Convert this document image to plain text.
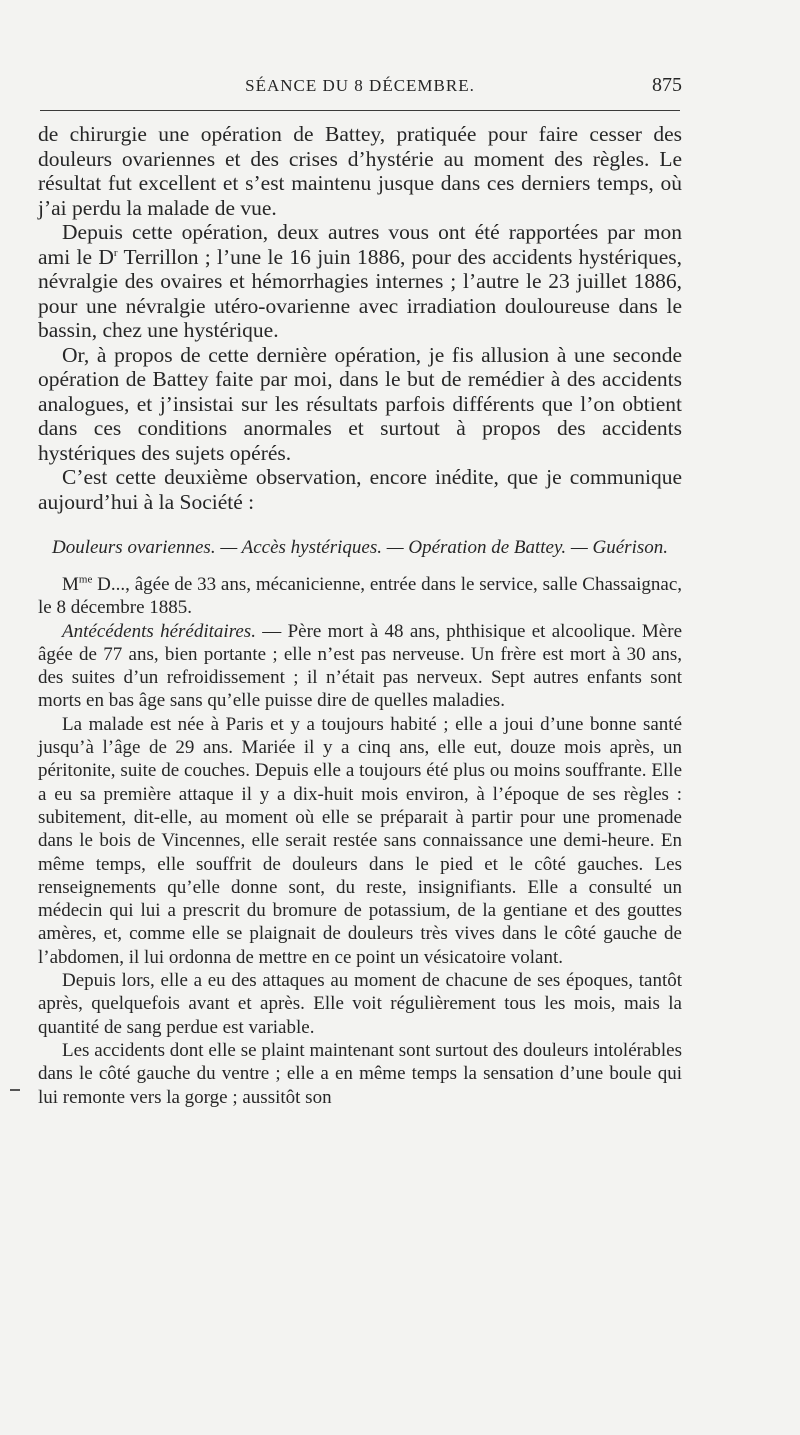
SÉANCE DU 8 DÉCEMBRE.	875

de chirurgie une opération de Battey, pratiquée pour faire cesser des douleurs ovariennes et des crises d’hystérie au moment des règles. Le résultat fut excellent et s’est maintenu jusque dans ces derniers temps, où j’ai perdu la malade de vue.

Depuis cette opération, deux autres vous ont été rapportées par mon ami le $D^r$ Terrillon ; l’une le 16 juin 1886, pour des accidents hystériques, névralgie des ovaires et hémorrhagies internes ; l’autre le 23 juillet 1886, pour une névralgie utéro-ovarienne avec irradiation douloureuse dans le bassin, chez une hystérique.

Or, à propos de cette dernière opération, je fis allusion à une seconde opération de Battey faite par moi, dans le but de remédier à des accidents analogues, et j’insistai sur les résultats parfois différents que l’on obtient dans ces conditions anormales et surtout à propos des accidents hystériques des sujets opérés.

C’est cette deuxième observation, encore inédite, que je communique aujourd’hui à la Société :

Douleurs ovariennes. — Accès hystériques. — Opération de Battey. — Guérison.

$M^{me}$ D..., âgée de 33 ans, mécanicienne, entrée dans le service, salle Chassaignac, le 8 décembre 1885.

Antécédents héréditaires. — Père mort à 48 ans, phthisique et alcoolique. Mère âgée de 77 ans, bien portante ; elle n’est pas nerveuse. Un frère est mort à 30 ans, des suites d’un refroidissement ; il n’était pas nerveux. Sept autres enfants sont morts en bas âge sans qu’elle puisse dire de quelles maladies.

La malade est née à Paris et y a toujours habité ; elle a joui d’une bonne santé jusqu’à l’âge de 29 ans. Mariée il y a cinq ans, elle eut, douze mois après, un péritonite, suite de couches. Depuis elle a toujours été plus ou moins souffrante. Elle a eu sa première attaque il y a dix-huit mois environ, à l’époque de ses règles : subitement, dit-elle, au moment où elle se préparait à partir pour une promenade dans le bois de Vincennes, elle serait restée sans connaissance une demi-heure. En même temps, elle souffrit de douleurs dans le pied et le côté gauches. Les renseignements qu’elle donne sont, du reste, insignifiants. Elle a consulté un médecin qui lui a prescrit du bromure de potassium, de la gentiane et des gouttes amères, et, comme elle se plaignait de douleurs très vives dans le côté gauche de l’abdomen, il lui ordonna de mettre en ce point un vésicatoire volant.

Depuis lors, elle a eu des attaques au moment de chacune de ses époques, tantôt après, quelquefois avant et après. Elle voit régulièrement tous les mois, mais la quantité de sang perdue est variable.

Les accidents dont elle se plaint maintenant sont surtout des douleurs intolérables dans le côté gauche du ventre ; elle a en même temps la sensation d’une boule qui lui remonte vers la gorge ; aussitôt son
